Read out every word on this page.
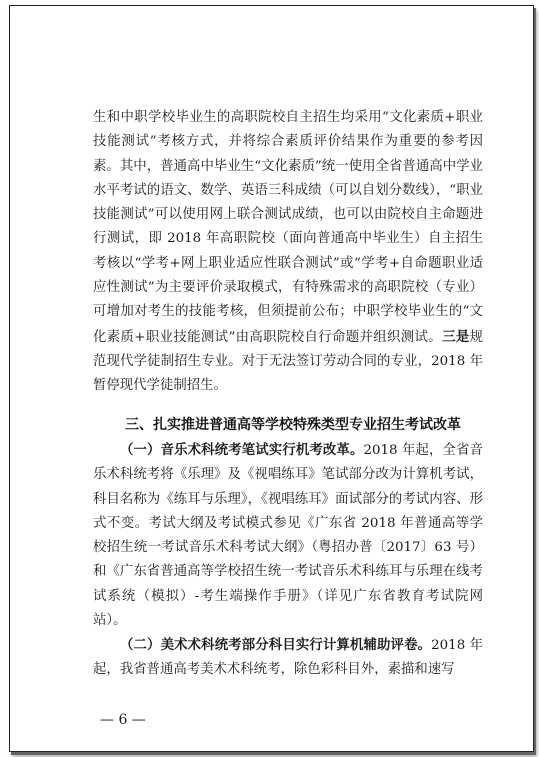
生和中职学校毕业生的高职院校自主招生均采用“文化素质+职业技能测试”考核方式，并将综合素质评价结果作为重要的参考因素。其中，普通高中毕业生“文化素质”统一使用全省普通高中学业水平考试的语文、数学、英语三科成绩（可以自划分数线），“职业技能测试”可以使用网上联合测试成绩，也可以由院校自主命题进行测试，即 2018 年高职院校（面向普通高中毕业生）自主招生考核以“学考+网上职业适应性联合测试”或“学考+自命题职业适应性测试”为主要评价录取模式，有特殊需求的高职院校（专业）可增加对考生的技能考核，但须提前公布；中职学校毕业生的“文化素质+职业技能测试”由高职院校自行命题并组织测试。三是规范现代学徒制招生专业。对于无法签订劳动合同的专业，2018 年暂停现代学徒制招生。

三、扎实推进普通高等学校特殊类型专业招生考试改革

（一）音乐术科统考笔试实行机考改革。2018 年起，全省音乐术科统考将《乐理》及《视唱练耳》笔试部分改为计算机考试，科目名称为《练耳与乐理》，《视唱练耳》面试部分的考试内容、形式不变。考试大纲及考试模式参见《广东省 2018 年普通高等学校招生统一考试音乐术科考试大纲》（粤招办普〔2017〕63 号）和《广东省普通高等学校招生统一考试音乐术科练耳与乐理在线考试系统（模拟）-考生端操作手册》（详见广东省教育考试院网站）。

（二）美术术科统考部分科目实行计算机辅助评卷。2018 年起，我省普通高考美术术科统考，除色彩科目外，素描和速写

— 6 —
